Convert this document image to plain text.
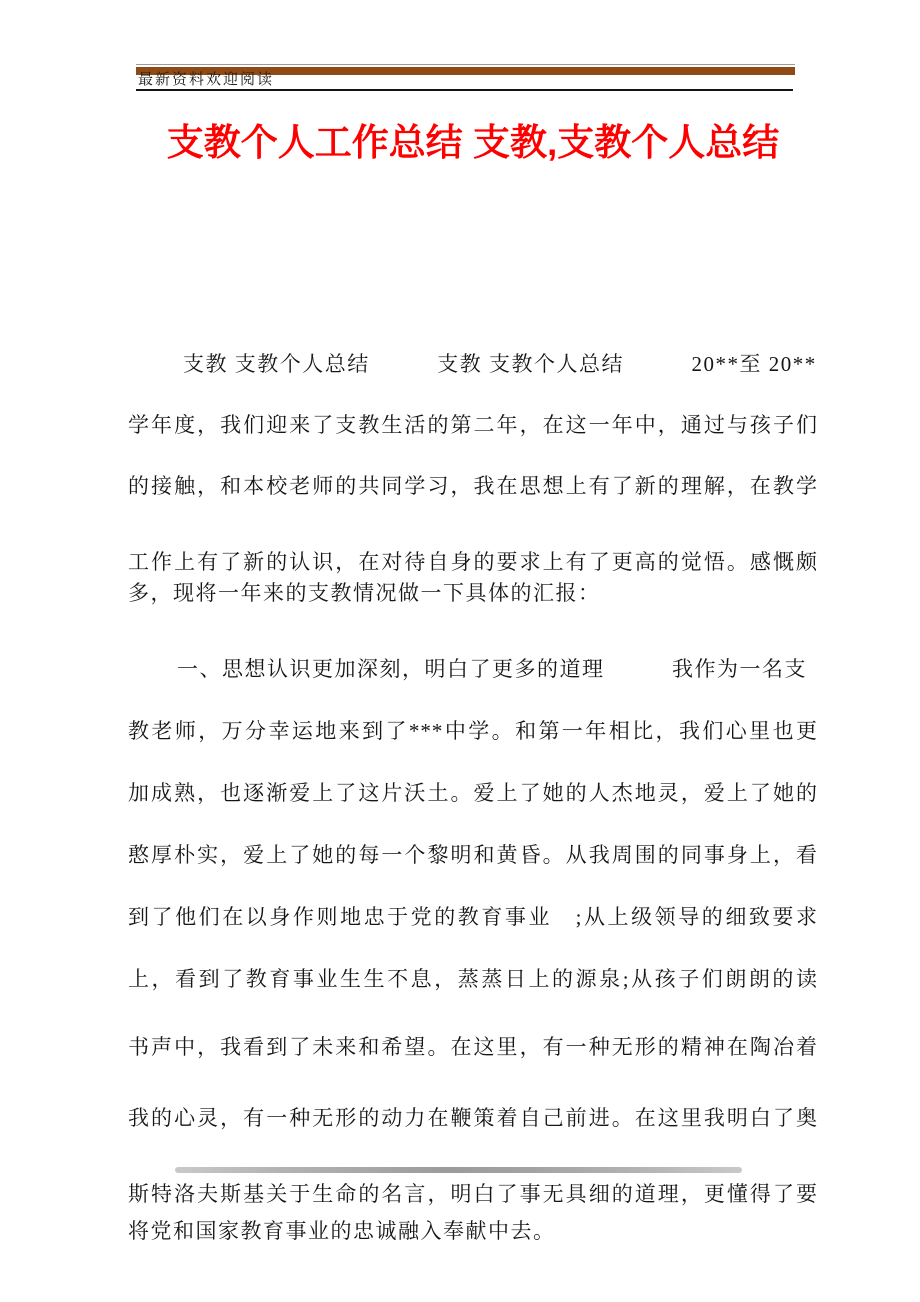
最新资料欢迎阅读
支教个人工作总结 支教,支教个人总结
支教 支教个人总结　　　支教 支教个人总结　　　20**至 20**
学年度，我们迎来了支教生活的第二年，在这一年中，通过与孩子们
的接触，和本校老师的共同学习，我在思想上有了新的理解，在教学
工作上有了新的认识，在对待自身的要求上有了更高的觉悟。感慨颇
多，现将一年来的支教情况做一下具体的汇报：
一、思想认识更加深刻，明白了更多的道理　　　我作为一名支
教老师，万分幸运地来到了***中学。和第一年相比，我们心里也更
加成熟，也逐渐爱上了这片沃土。爱上了她的人杰地灵，爱上了她的
憨厚朴实，爱上了她的每一个黎明和黄昏。从我周围的同事身上，看
到了他们在以身作则地忠于党的教育事业　;从上级领导的细致要求
上，看到了教育事业生生不息，蒸蒸日上的源泉;从孩子们朗朗的读
书声中，我看到了未来和希望。在这里，有一种无形的精神在陶冶着
我的心灵，有一种无形的动力在鞭策着自己前进。在这里我明白了奥
斯特洛夫斯基关于生命的名言，明白了事无具细的道理，更懂得了要
将党和国家教育事业的忠诚融入奉献中去。
